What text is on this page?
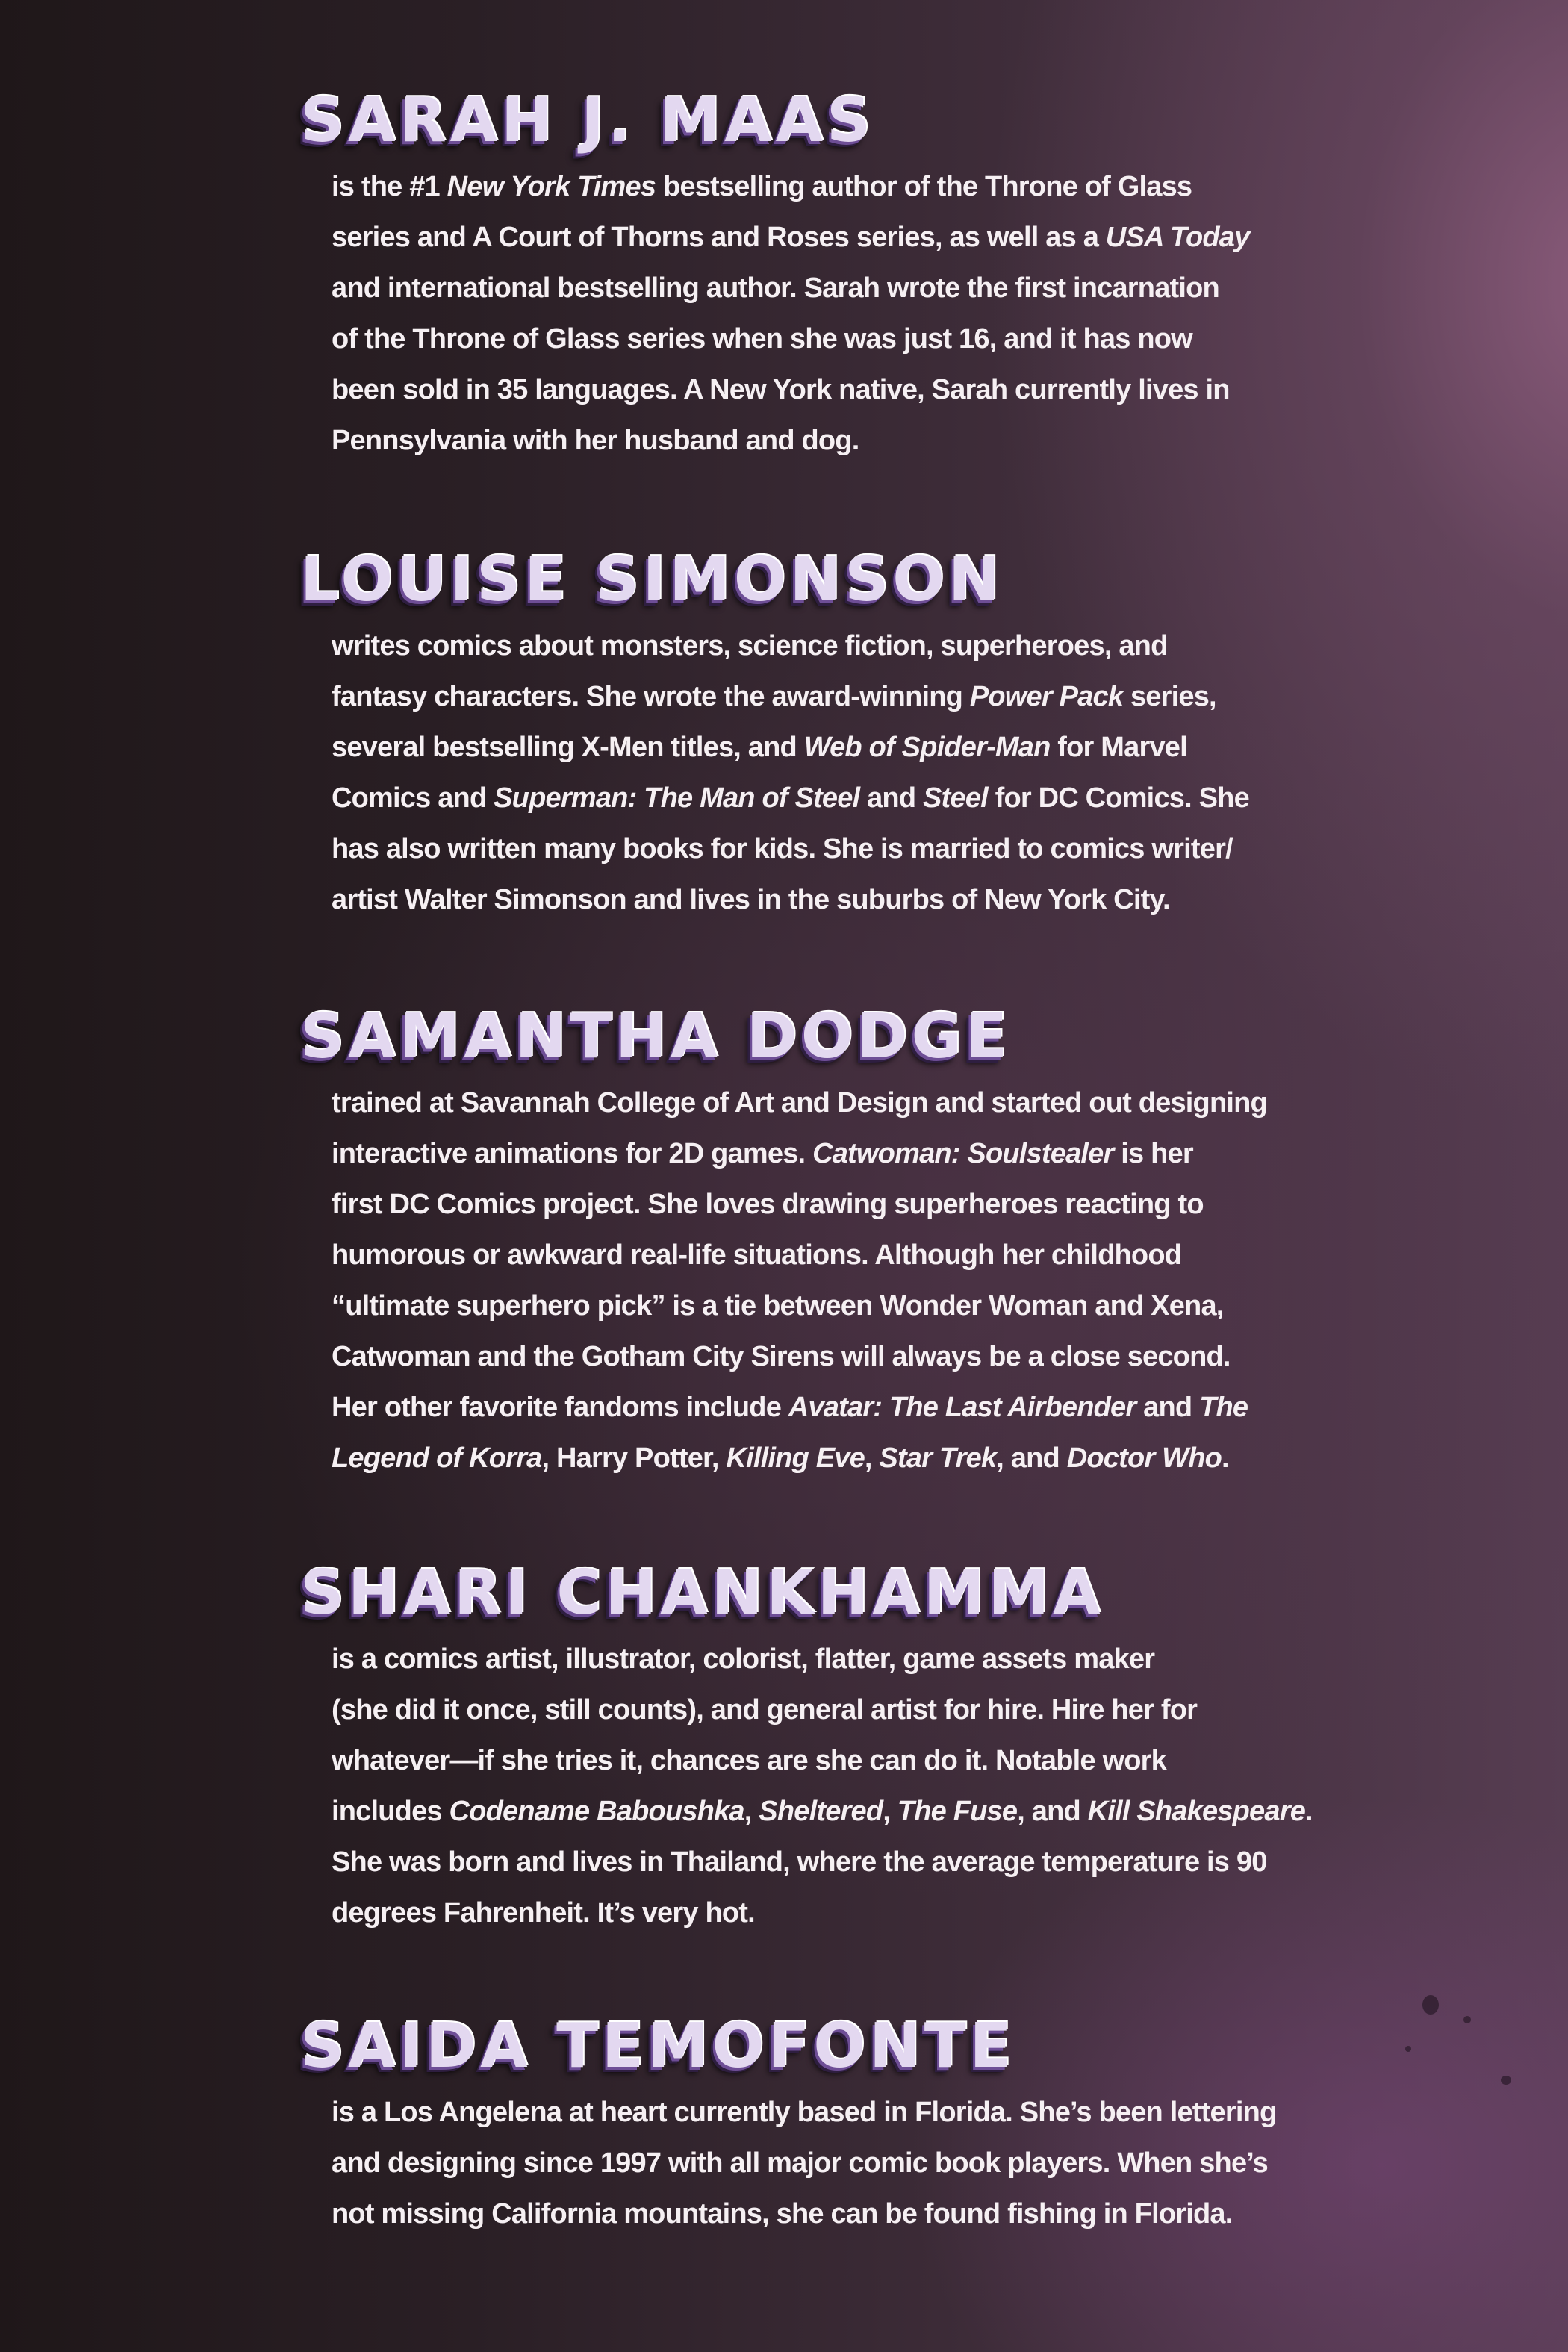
SARAH J. MAAS
is the #1 New York Times bestselling author of the Throne of Glass
series and A Court of Thorns and Roses series, as well as a USA Today
and international bestselling author. Sarah wrote the first incarnation
of the Throne of Glass series when she was just 16, and it has now
been sold in 35 languages. A New York native, Sarah currently lives in
Pennsylvania with her husband and dog.
LOUISE SIMONSON
writes comics about monsters, science fiction, superheroes, and
fantasy characters. She wrote the award-winning Power Pack series,
several bestselling X-Men titles, and Web of Spider-Man for Marvel
Comics and Superman: The Man of Steel and Steel for DC Comics. She
has also written many books for kids. She is married to comics writer/
artist Walter Simonson and lives in the suburbs of New York City.
SAMANTHA DODGE
trained at Savannah College of Art and Design and started out designing
interactive animations for 2D games. Catwoman: Soulstealer is her
first DC Comics project. She loves drawing superheroes reacting to
humorous or awkward real-life situations. Although her childhood
“ultimate superhero pick” is a tie between Wonder Woman and Xena,
Catwoman and the Gotham City Sirens will always be a close second.
Her other favorite fandoms include Avatar: The Last Airbender and The
Legend of Korra, Harry Potter, Killing Eve, Star Trek, and Doctor Who.
SHARI CHANKHAMMA
is a comics artist, illustrator, colorist, flatter, game assets maker
(she did it once, still counts), and general artist for hire. Hire her for
whatever—if she tries it, chances are she can do it. Notable work
includes Codename Baboushka, Sheltered, The Fuse, and Kill Shakespeare.
She was born and lives in Thailand, where the average temperature is 90
degrees Fahrenheit. It’s very hot.
SAIDA TEMOFONTE
is a Los Angelena at heart currently based in Florida. She’s been lettering
and designing since 1997 with all major comic book players. When she’s
not missing California mountains, she can be found fishing in Florida.
